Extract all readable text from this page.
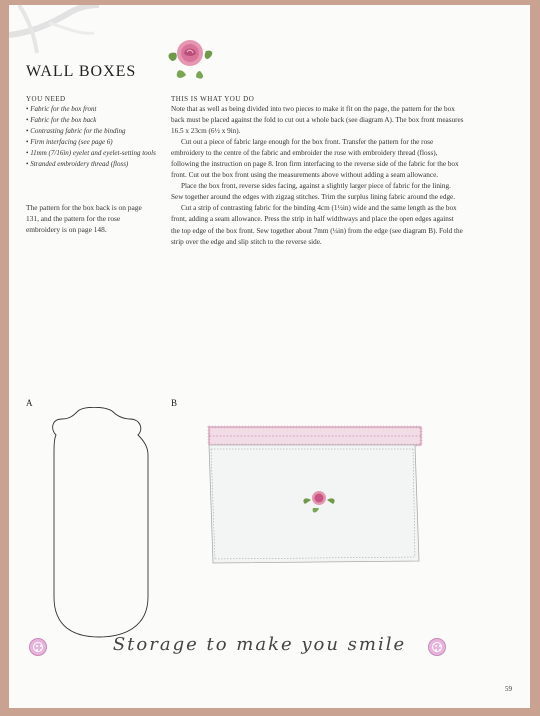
WALL BOXES
YOU NEED
• Fabric for the box front
• Fabric for the box back
• Contrasting fabric for the binding
• Firm interfacing (see page 6)
• 11mm (7/16in) eyelet and eyelet-setting tools
• Stranded embroidery thread (floss)
The pattern for the box back is on page 131, and the pattern for the rose embroidery is on page 148.
THIS IS WHAT YOU DO

Note that as well as being divided into two pieces to make it fit on the page, the pattern for the box back must be placed against the fold to cut out a whole back (see diagram A). The box front measures 16.5 x 23cm (6½ x 9in).

Cut out a piece of fabric large enough for the box front. Transfer the pattern for the rose embroidery to the centre of the fabric and embroider the rose with embroidery thread (floss), following the instruction on page 8. Iron firm interfacing to the reverse side of the fabric for the box front. Cut out the box front using the measurements above without adding a seam allowance.

Place the box front, reverse sides facing, against a slightly larger piece of fabric for the lining. Sew together around the edges with zigzag stitches. Trim the surplus lining fabric around the edge.

Cut a strip of contrasting fabric for the binding 4cm (1½in) wide and the same length as the box front, adding a seam allowance. Press the strip in half widthways and place the open edges against the top edge of the box front. Sew together about 7mm (¼in) from the edge (see diagram B). Fold the strip over the edge and slip stitch to the reverse side.

A	B
Storage to make you smile
59
